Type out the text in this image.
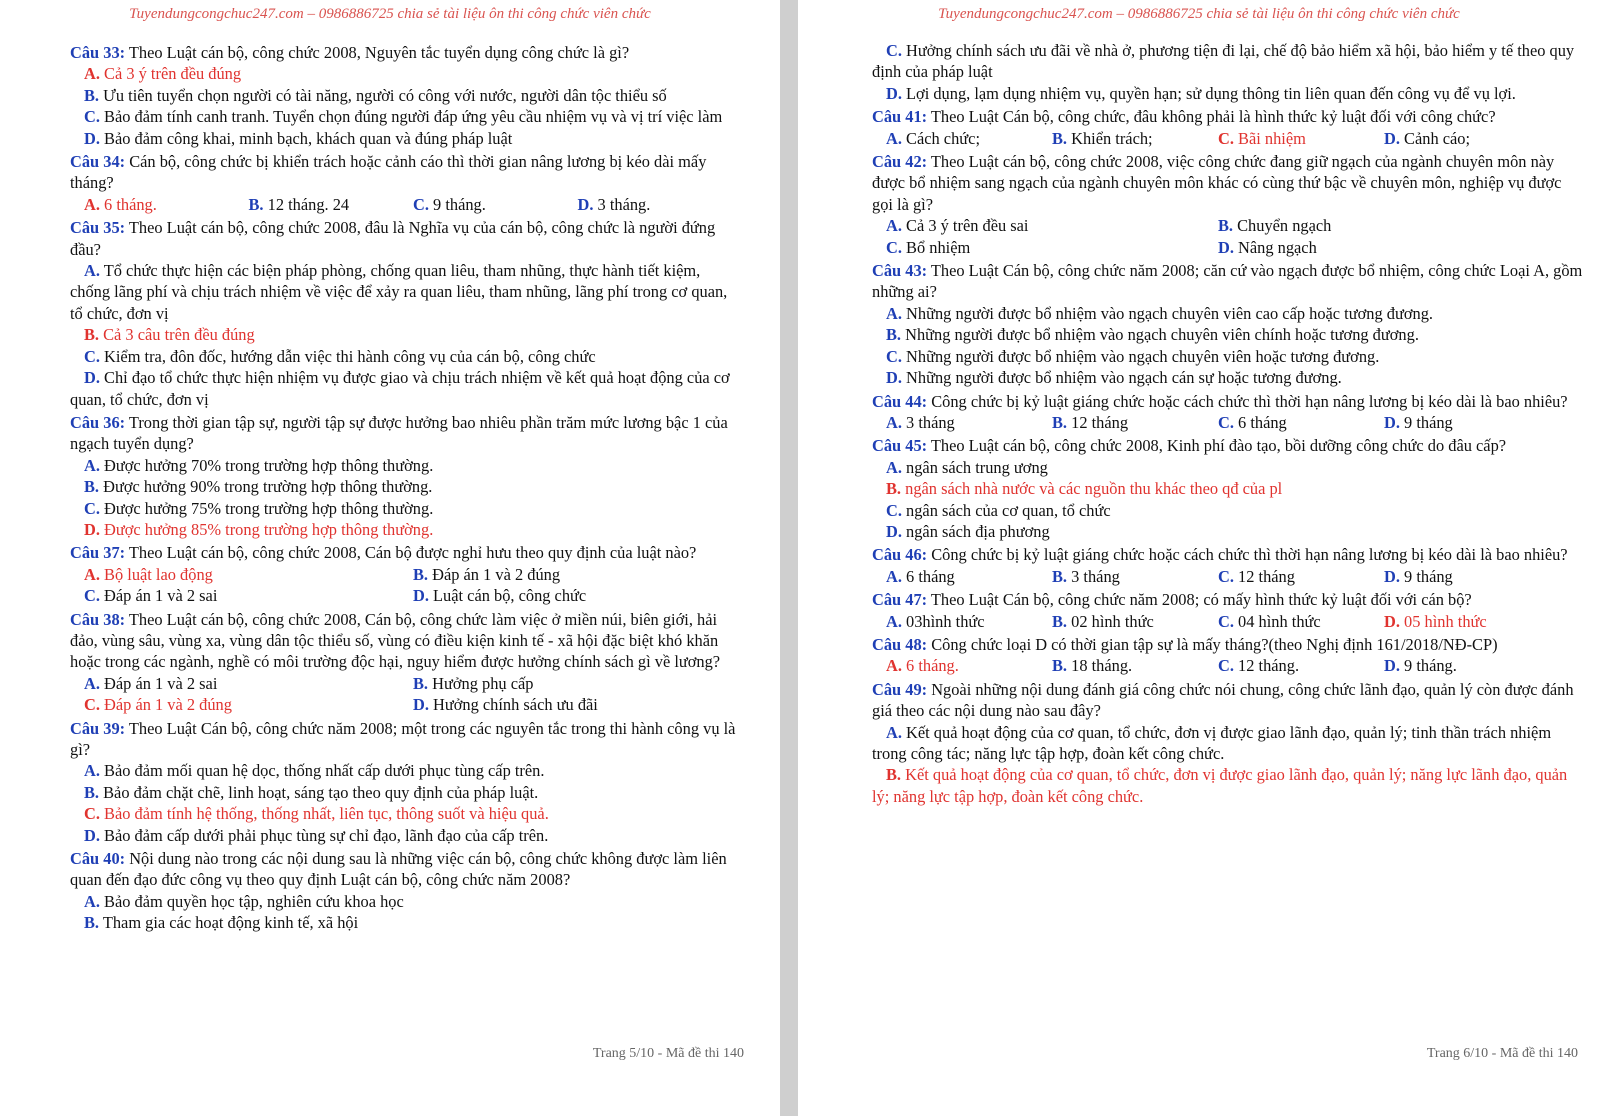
Tuyendungcongchuc247.com – 0986886725 chia sẻ tài liệu ôn thi công chức viên chức
Câu 33: Theo Luật cán bộ, công chức 2008, Nguyên tắc tuyển dụng công chức là gì?
A. Cả 3 ý trên đều đúng
B. Ưu tiên tuyển chọn người có tài năng, người có công với nước, người dân tộc thiểu số
C. Bảo đảm tính canh tranh. Tuyển chọn đúng người đáp ứng yêu cầu nhiệm vụ và vị trí việc làm
D. Bảo đảm công khai, minh bạch, khách quan và đúng pháp luật
Câu 34: Cán bộ, công chức bị khiển trách hoặc cảnh cáo thì thời gian nâng lương bị kéo dài mấy tháng?
A. 6 tháng.	B. 12 tháng. 24	C. 9 tháng.	D. 3 tháng.
Câu 35: Theo Luật cán bộ, công chức 2008, đâu là Nghĩa vụ của cán bộ, công chức là người đứng đầu?
A. Tổ chức thực hiện các biện pháp phòng, chống quan liêu, tham nhũng, thực hành tiết kiệm, chống lãng phí và chịu trách nhiệm về việc để xảy ra quan liêu, tham nhũng, lãng phí trong cơ quan, tổ chức, đơn vị
B. Cả 3 câu trên đều đúng
C. Kiểm tra, đôn đốc, hướng dẫn việc thi hành công vụ của cán bộ, công chức
D. Chỉ đạo tổ chức thực hiện nhiệm vụ được giao và chịu trách nhiệm về kết quả hoạt động của cơ quan, tổ chức, đơn vị
Câu 36: Trong thời gian tập sự, người tập sự được hưởng bao nhiêu phần trăm mức lương bậc 1 của ngạch tuyển dụng?
A. Được hưởng 70% trong trường hợp thông thường.
B. Được hưởng 90% trong trường hợp thông thường.
C. Được hưởng 75% trong trường hợp thông thường.
D. Được hưởng 85% trong trường hợp thông thường.
Câu 37: Theo Luật cán bộ, công chức 2008, Cán bộ được nghỉ hưu theo quy định của luật nào?
A. Bộ luật lao động	B. Đáp án 1 và 2 đúng
C. Đáp án 1 và 2 sai	D. Luật cán bộ, công chức
Câu 38: Theo Luật cán bộ, công chức 2008, Cán bộ, công chức làm việc ở miền núi, biên giới, hải đảo, vùng sâu, vùng xa, vùng dân tộc thiểu số, vùng có điều kiện kinh tế - xã hội đặc biệt khó khăn hoặc trong các ngành, nghề có môi trường độc hại, nguy hiểm được hưởng chính sách gì về lương?
A. Đáp án 1 và 2 sai	B. Hưởng phụ cấp
C. Đáp án 1 và 2 đúng	D. Hưởng chính sách ưu đãi
Câu 39: Theo Luật Cán bộ, công chức năm 2008; một trong các nguyên tắc trong thi hành công vụ là gì?
A. Bảo đảm mối quan hệ dọc, thống nhất cấp dưới phục tùng cấp trên.
B. Bảo đảm chặt chẽ, linh hoạt, sáng tạo theo quy định của pháp luật.
C. Bảo đảm tính hệ thống, thống nhất, liên tục, thông suốt và hiệu quả.
D. Bảo đảm cấp dưới phải phục tùng sự chỉ đạo, lãnh đạo của cấp trên.
Câu 40: Nội dung nào trong các nội dung sau là những việc cán bộ, công chức không được làm liên quan đến đạo đức công vụ theo quy định Luật cán bộ, công chức năm 2008?
A. Bảo đảm quyền học tập, nghiên cứu khoa học
B. Tham gia các hoạt động kinh tế, xã hội
Trang 5/10 - Mã đề thi 140
Tuyendungcongchuc247.com – 0986886725 chia sẻ tài liệu ôn thi công chức viên chức
C. Hưởng chính sách ưu đãi về nhà ở, phương tiện đi lại, chế độ bảo hiểm xã hội, bảo hiểm y tế theo quy định của pháp luật
D. Lợi dụng, lạm dụng nhiệm vụ, quyền hạn; sử dụng thông tin liên quan đến công vụ để vụ lợi.
Câu 41: Theo Luật Cán bộ, công chức, đâu không phải là hình thức kỷ luật đối với công chức?
A. Cách chức;	B. Khiển trách;	C. Bãi nhiệm	D. Cảnh cáo;
Câu 42: Theo Luật cán bộ, công chức 2008, việc công chức đang giữ ngạch của ngành chuyên môn này được bổ nhiệm sang ngạch của ngành chuyên môn khác có cùng thứ bậc về chuyên môn, nghiệp vụ được gọi là gì?
A. Cả 3 ý trên đều sai	B. Chuyển ngạch
C. Bổ nhiệm	D. Nâng ngạch
Câu 43: Theo Luật Cán bộ, công chức năm 2008; căn cứ vào ngạch được bổ nhiệm, công chức Loại A, gồm những ai?
A. Những người được bổ nhiệm vào ngạch chuyên viên cao cấp hoặc tương đương.
B. Những người được bổ nhiệm vào ngạch chuyên viên chính hoặc tương đương.
C. Những người được bổ nhiệm vào ngạch chuyên viên hoặc tương đương.
D. Những người được bổ nhiệm vào ngạch cán sự hoặc tương đương.
Câu 44: Công chức bị kỷ luật giáng chức hoặc cách chức thì thời hạn nâng lương bị kéo dài là bao nhiêu?
A. 3 tháng	B. 12 tháng	C. 6 tháng	D. 9 tháng
Câu 45: Theo Luật cán bộ, công chức 2008, Kinh phí đào tạo, bồi dưỡng công chức do đâu cấp?
A. ngân sách trung ương
B. ngân sách nhà nước và các nguồn thu khác theo qđ của pl
C. ngân sách của cơ quan, tổ chức
D. ngân sách địa phương
Câu 46: Công chức bị kỷ luật giáng chức hoặc cách chức thì thời hạn nâng lương bị kéo dài là bao nhiêu?
A. 6 tháng	B. 3 tháng	C. 12 tháng	D. 9 tháng
Câu 47: Theo Luật Cán bộ, công chức năm 2008; có mấy hình thức kỷ luật đối với cán bộ?
A. 03hình thức	B. 02 hình thức	C. 04 hình thức	D. 05 hình thức
Câu 48: Công chức loại D có thời gian tập sự là mấy tháng?(theo Nghị định 161/2018/NĐ-CP)
A. 6 tháng.	B. 18 tháng.	C. 12 tháng.	D. 9 tháng.
Câu 49: Ngoài những nội dung đánh giá công chức nói chung, công chức lãnh đạo, quản lý còn được đánh giá theo các nội dung nào sau đây?
A. Kết quả hoạt động của cơ quan, tổ chức, đơn vị được giao lãnh đạo, quản lý; tinh thần trách nhiệm trong công tác; năng lực tập hợp, đoàn kết công chức.
B. Kết quả hoạt động của cơ quan, tổ chức, đơn vị được giao lãnh đạo, quản lý; năng lực lãnh đạo, quản lý; năng lực tập hợp, đoàn kết công chức.
Trang 6/10 - Mã đề thi 140
